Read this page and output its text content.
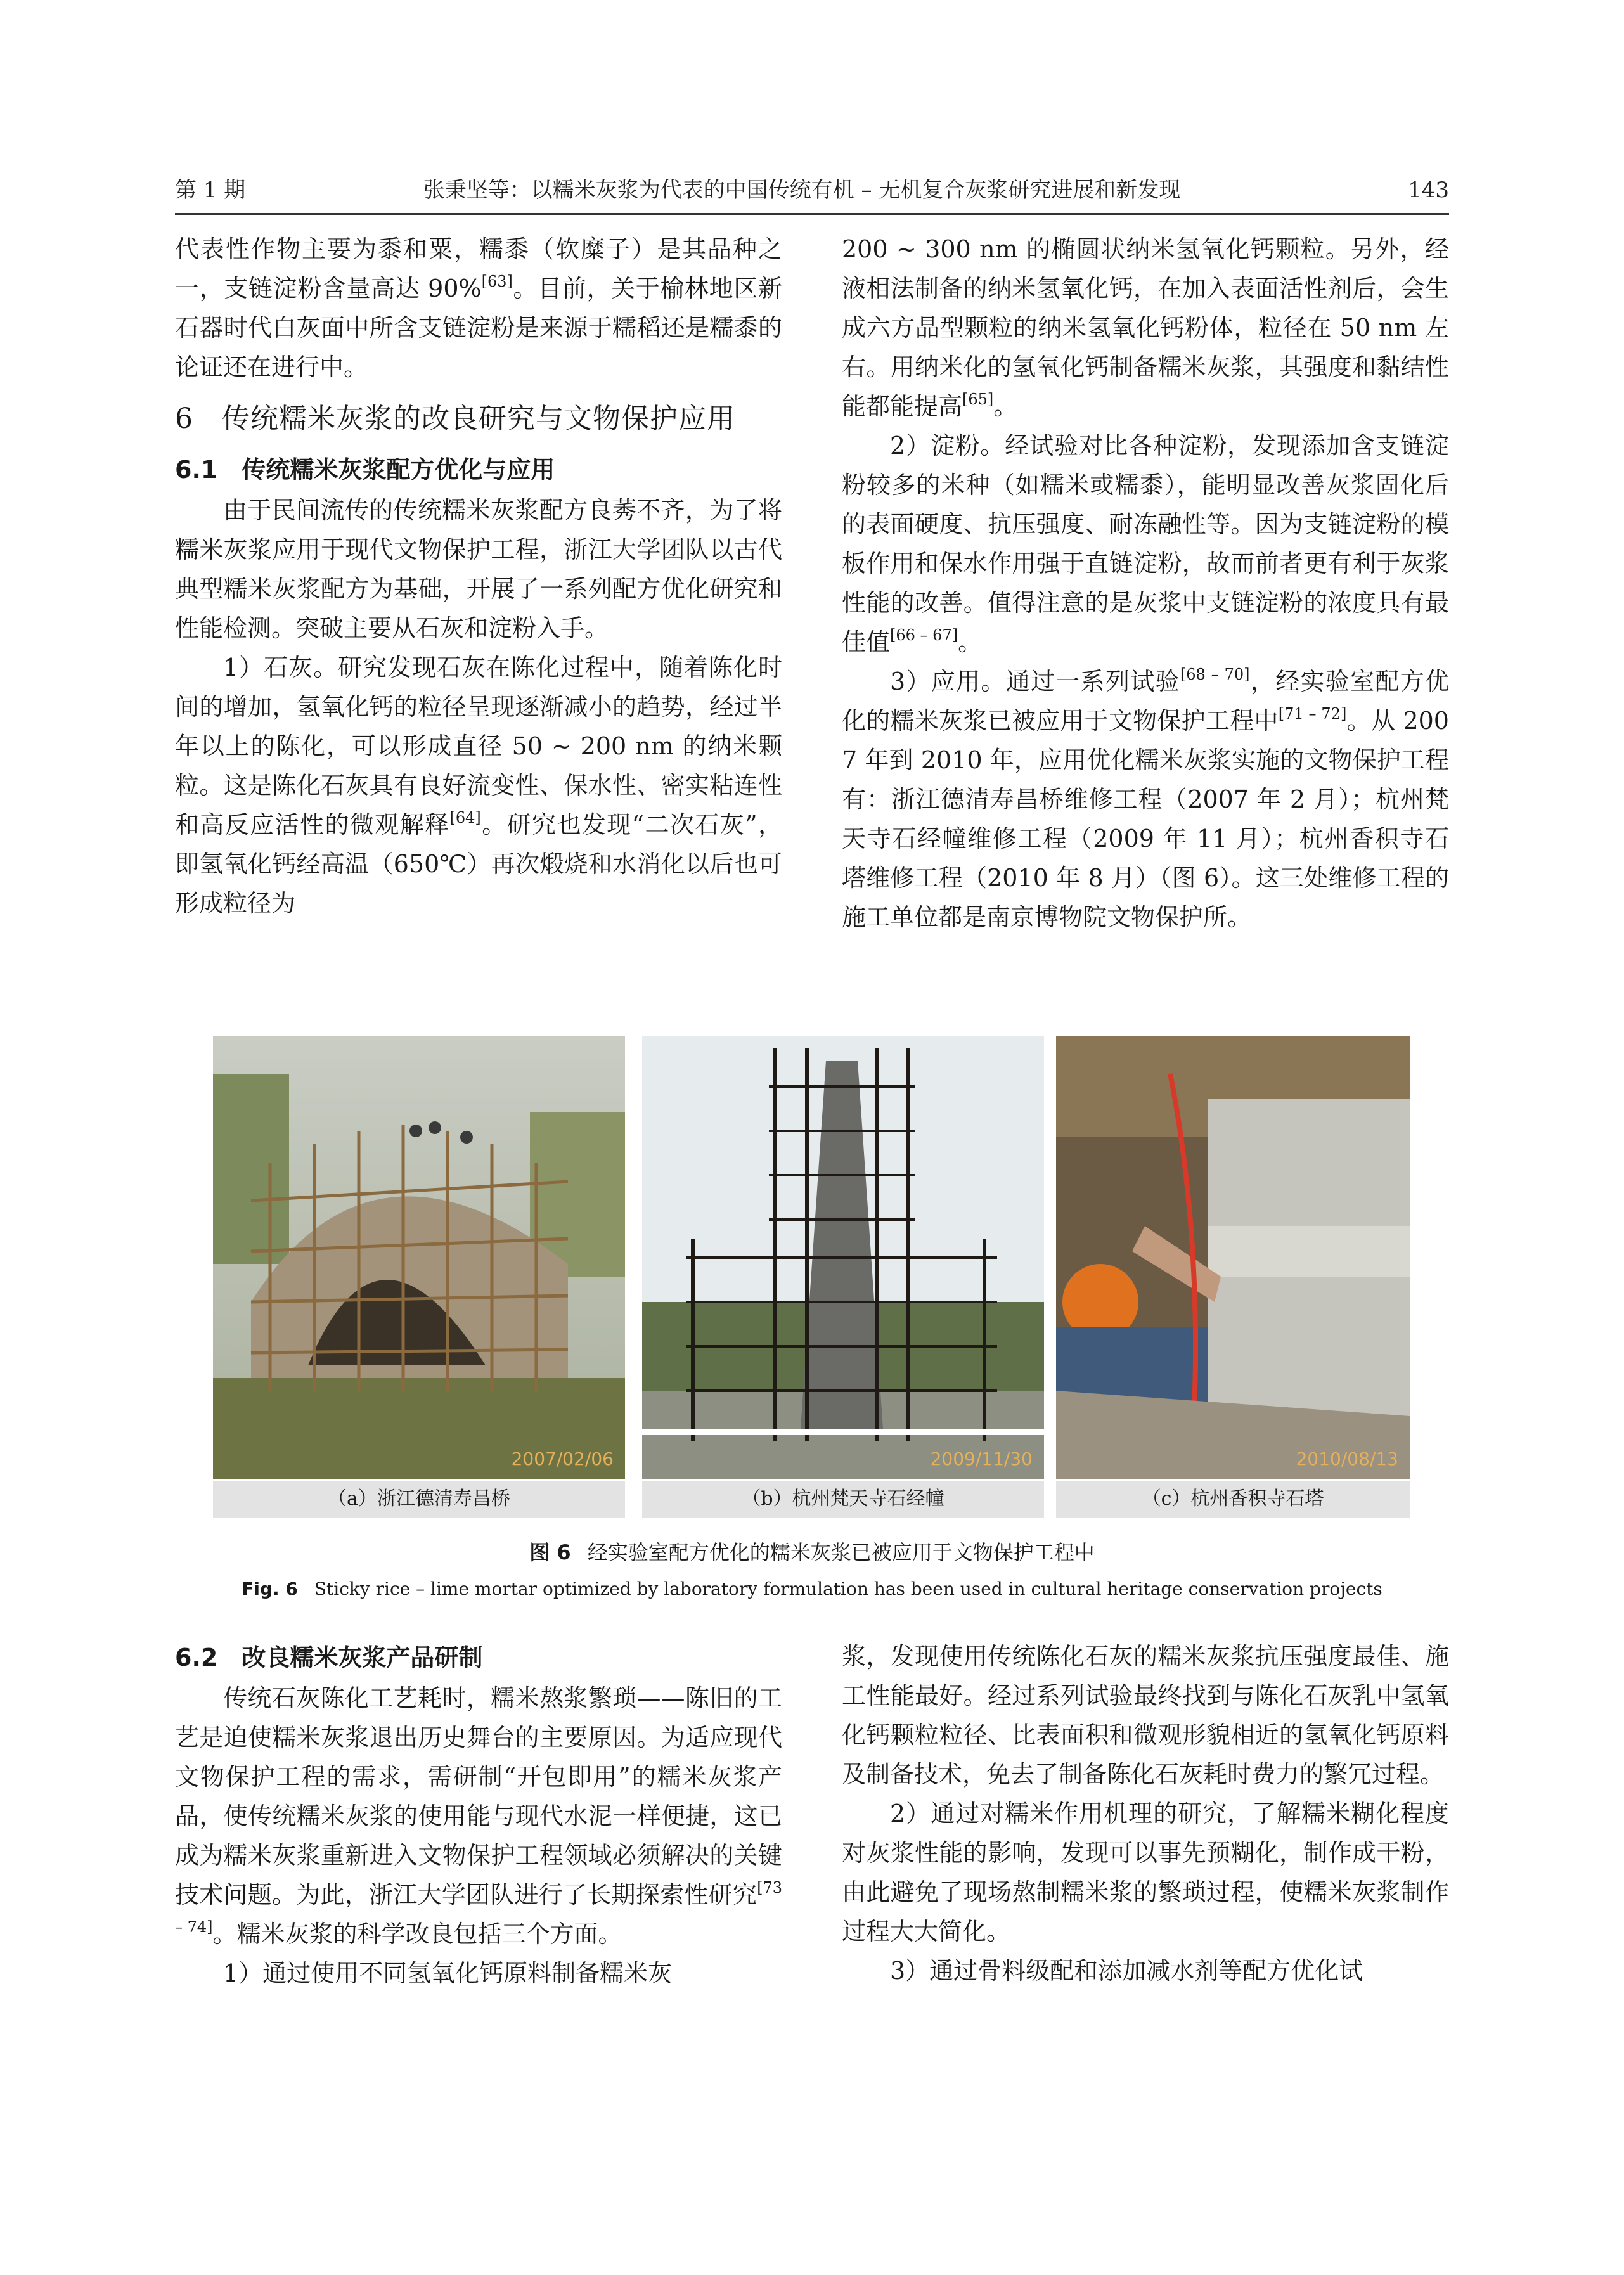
第 1 期	张秉坚等：以糯米灰浆为代表的中国传统有机 – 无机复合灰浆研究进展和新发现	143

代表性作物主要为黍和粟，糯黍（软糜子）是其品种之一，支链淀粉含量高达 90%[63]。目前，关于榆林地区新石器时代白灰面中所含支链淀粉是来源于糯稻还是糯黍的论证还在进行中。

6　传统糯米灰浆的改良研究与文物保护应用
6.1　传统糯米灰浆配方优化与应用

由于民间流传的传统糯米灰浆配方良莠不齐，为了将糯米灰浆应用于现代文物保护工程，浙江大学团队以古代典型糯米灰浆配方为基础，开展了一系列配方优化研究和性能检测。突破主要从石灰和淀粉入手。

1）石灰。研究发现石灰在陈化过程中，随着陈化时间的增加，氢氧化钙的粒径呈现逐渐减小的趋势，经过半年以上的陈化，可以形成直径 50 ~ 200 nm 的纳米颗粒。这是陈化石灰具有良好流变性、保水性、密实粘连性和高反应活性的微观解释[64]。研究也发现“二次石灰”，即氢氧化钙经高温（650℃）再次煅烧和水消化以后也可形成粒径为

200 ~ 300 nm 的椭圆状纳米氢氧化钙颗粒。另外，经液相法制备的纳米氢氧化钙，在加入表面活性剂后，会生成六方晶型颗粒的纳米氢氧化钙粉体，粒径在 50 nm 左右。用纳米化的氢氧化钙制备糯米灰浆，其强度和黏结性能都能提高[65]。

2）淀粉。经试验对比各种淀粉，发现添加含支链淀粉较多的米种（如糯米或糯黍），能明显改善灰浆固化后的表面硬度、抗压强度、耐冻融性等。因为支链淀粉的模板作用和保水作用强于直链淀粉，故而前者更有利于灰浆性能的改善。值得注意的是灰浆中支链淀粉的浓度具有最佳值[66 – 67]。

3）应用。通过一系列试验[68 – 70]，经实验室配方优化的糯米灰浆已被应用于文物保护工程中[71 – 72]。从 2007 年到 2010 年，应用优化糯米灰浆实施的文物保护工程有：浙江德清寿昌桥维修工程（2007 年 2 月）；杭州梵天寺石经幢维修工程（2009 年 11 月）；杭州香积寺石塔维修工程（2010 年 8 月）（图 6）。这三处维修工程的施工单位都是南京博物院文物保护所。

2007/02/06	2009/11/30	2010/08/13
（a）浙江德清寿昌桥	（b）杭州梵天寺石经幢	（c）杭州香积寺石塔
图 6 经实验室配方优化的糯米灰浆已被应用于文物保护工程中
Fig. 6 Sticky rice – lime mortar optimized by laboratory formulation has been used in cultural heritage conservation projects
6.2　改良糯米灰浆产品研制

传统石灰陈化工艺耗时，糯米熬浆繁琐——陈旧的工艺是迫使糯米灰浆退出历史舞台的主要原因。为适应现代文物保护工程的需求，需研制“开包即用”的糯米灰浆产品，使传统糯米灰浆的使用能与现代水泥一样便捷，这已成为糯米灰浆重新进入文物保护工程领域必须解决的关键技术问题。为此，浙江大学团队进行了长期探索性研究[73 – 74]。糯米灰浆的科学改良包括三个方面。

1）通过使用不同氢氧化钙原料制备糯米灰

浆，发现使用传统陈化石灰的糯米灰浆抗压强度最佳、施工性能最好。经过系列试验最终找到与陈化石灰乳中氢氧化钙颗粒粒径、比表面积和微观形貌相近的氢氧化钙原料及制备技术，免去了制备陈化石灰耗时费力的繁冗过程。

2）通过对糯米作用机理的研究，了解糯米糊化程度对灰浆性能的影响，发现可以事先预糊化，制作成干粉，由此避免了现场熬制糯米浆的繁琐过程，使糯米灰浆制作过程大大简化。

3）通过骨料级配和添加减水剂等配方优化试
